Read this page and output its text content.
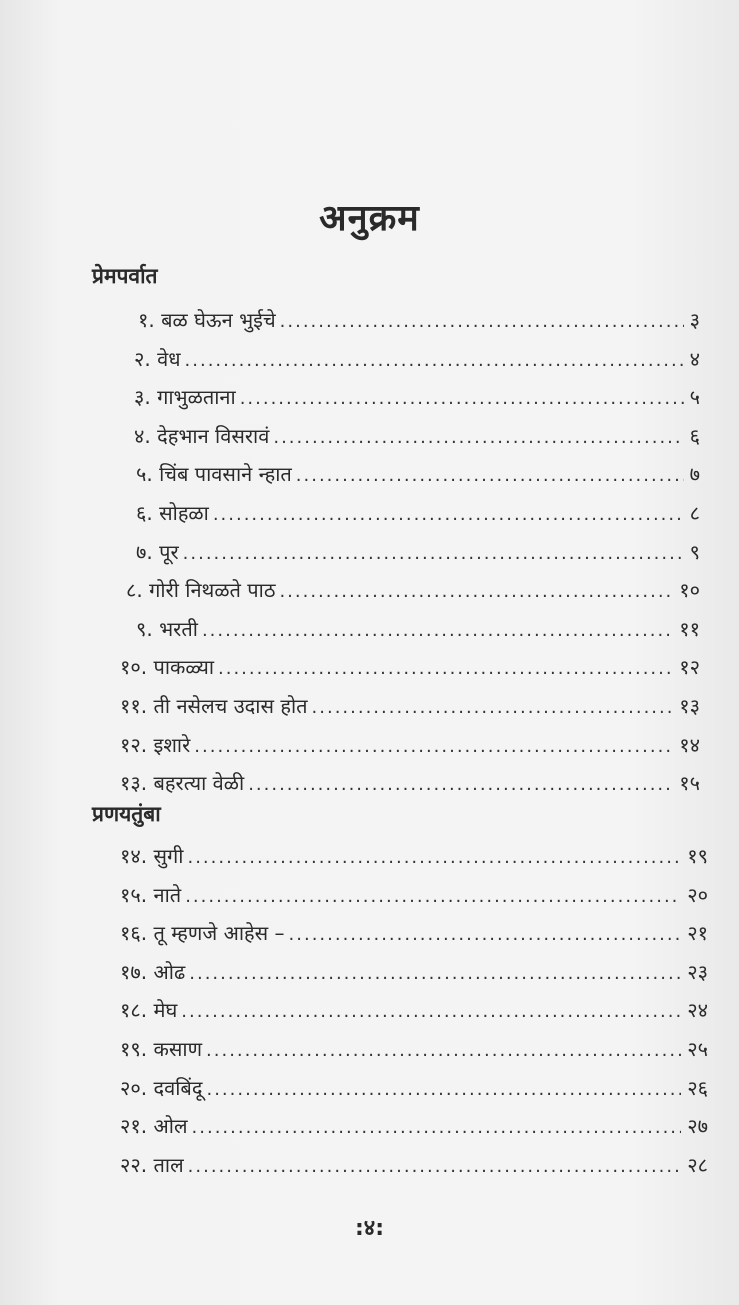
अनुक्रम
प्रेमपर्वात
प्रणयतुंबा
१. बळ घेऊन भुईचे .....	३
२. वेध .....	४
३. गाभुळताना .....	५
४. देहभान विसरावं .....	६
५. चिंब पावसाने न्हात .....	७
६. सोहळा .....	८
७. पूर .....	९
८. गोरी निथळते पाठ .....	१०
९. भरती .....	११
१०. पाकळ्या .....	१२
११. ती नसेलच उदास होत .....	१३
१२. इशारे .....	१४
१३. बहरत्या वेळी .....	१५
१४. सुगी .....	१९
१५. नाते .....	२०
१६. तू म्हणजे आहेस – .....	२१
१७. ओढ .....	२३
१८. मेघ .....	२४
१९. कसाण .....	२५
२०. दवबिंदू .....	२६
२१. ओल .....	२७
२२. ताल .....	२८
:४:
